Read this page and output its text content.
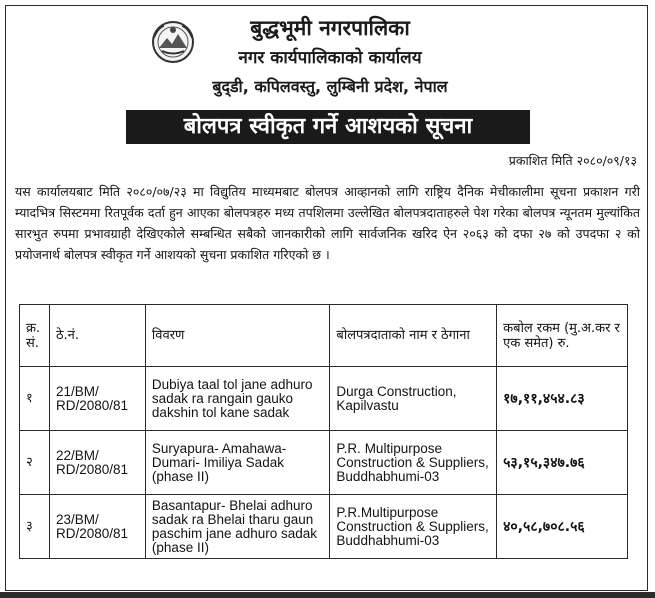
बुद्धभूमी नगरपालिका
नगर कार्यपालिकाको कार्यालय
बुद्‌डी, कपिलवस्तु, लुम्बिनी प्रदेश, नेपाल
बोलपत्र स्वीकृत गर्ने आशयको सूचना
प्रकाशित मिति २०८०/०९/१३

यस कार्यालयबाट मिति २०८०/०७/२३ मा विद्युतिय माध्यमबाट बोलपत्र आव्हानको लागि राष्ट्रिय दैनिक मेचीकालीमा सूचना प्रकाशन गरी म्यादभित्र सिस्टममा रितपूर्वक दर्ता हुन आएका बोलपत्रहरु मध्य तपशिलमा उल्लेखित बोलपत्रदाताहरुले पेश गरेका बोलपत्र न्यूनतम मुल्यांकित सारभुत रुपमा प्रभावग्राही देखिएकोले सम्बन्धित सबैको जानकारीको लागि सार्वजनिक खरिद ऐन २०६३ को दफा २७ को उपदफा २ को प्रयोजनार्थ बोलपत्र स्वीकृत गर्ने आशयको सुचना प्रकाशित गरिएको छ ।

क्र. सं.	ठे.नं.	विवरण	बोलपत्रदाताको नाम र ठेगाना	कबोल रकम (मु.अ.कर र एक समेत) रु.
१	21/BM/ RD/2080/81	Dubiya taal tol jane adhuro sadak ra rangain gauko dakshin tol kane sadak	Durga Construction, Kapilvastu	१७,११,४५४.८३
२	22/BM/ RD/2080/81	Suryapura- Amahawa- Dumari- Imiliya Sadak (phase II)	P.R. Multipurpose Construction & Suppliers, Buddhabhumi-03	५३,१५,३४७.७६
३	23/BM/ RD/2080/81	Basantapur- Bhelai adhuro sadak ra Bhelai tharu gaun paschim jane adhuro sadak (phase II)	P.R.Multipurpose Construction & Suppliers, Buddhabhumi-03	४०,५८,७०८.५६
